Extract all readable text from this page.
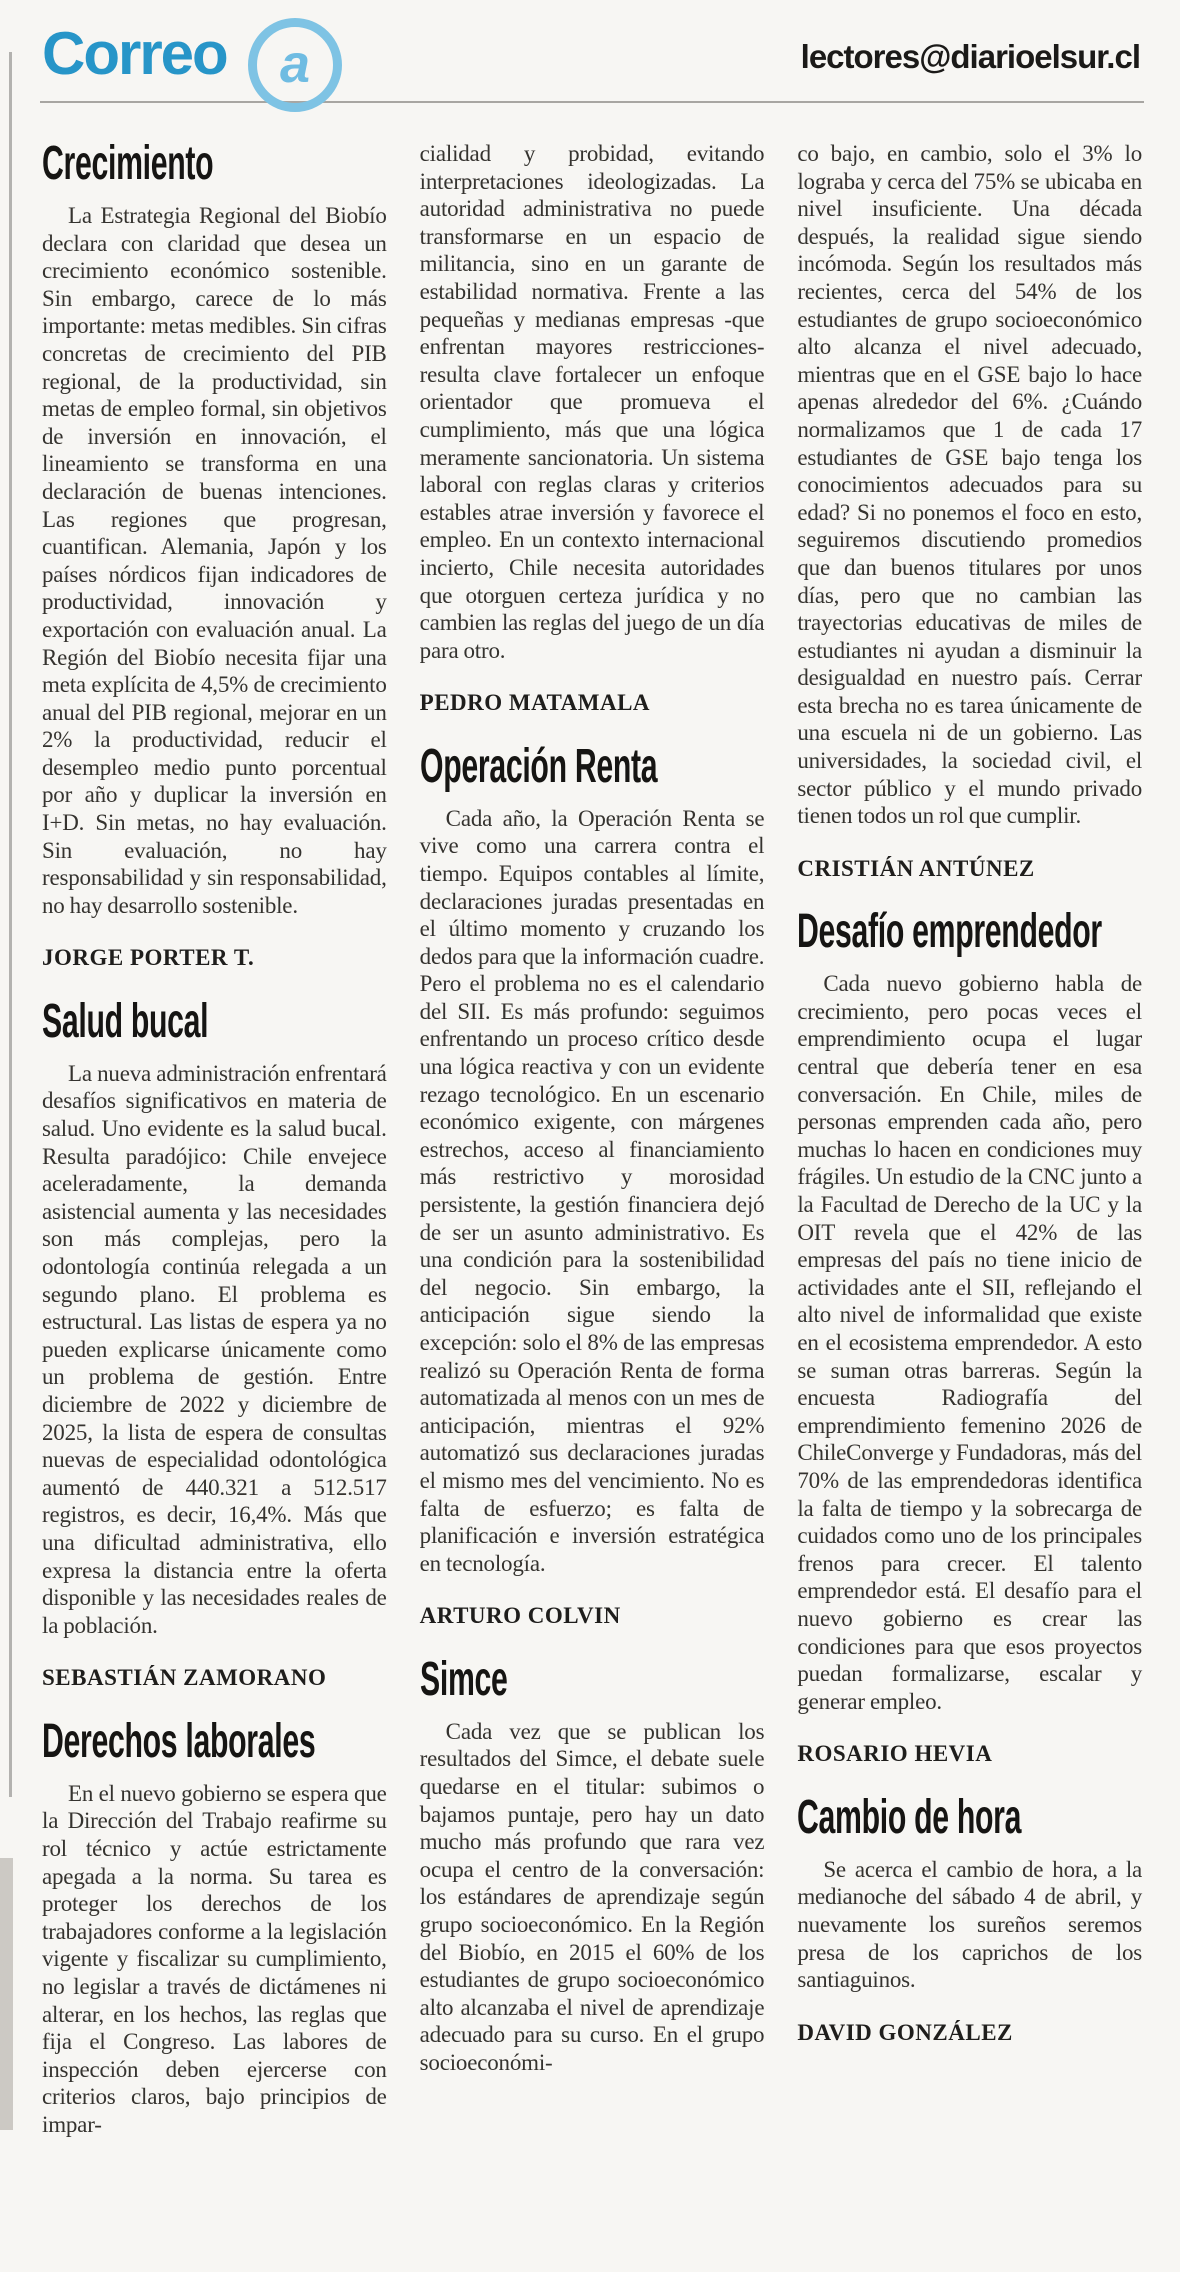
Correo a	lectores@diarioelsur.cl
Crecimiento

La Estrategia Regional del Biobío declara con claridad que desea un crecimiento económico sostenible. Sin embargo, carece de lo más importante: metas medibles. Sin cifras concretas de crecimiento del PIB regional, de la productividad, sin metas de empleo formal, sin objetivos de inversión en innovación, el lineamiento se transforma en una declaración de buenas intenciones. Las regiones que progresan, cuantifican. Alemania, Japón y los países nórdicos fijan indicadores de productividad, innovación y exportación con evaluación anual. La Región del Biobío necesita fijar una meta explícita de 4,5% de crecimiento anual del PIB regional, mejorar en un 2% la productividad, reducir el desempleo medio punto porcentual por año y duplicar la inversión en I+D. Sin metas, no hay evaluación. Sin evaluación, no hay responsabilidad y sin responsabilidad, no hay desarrollo sostenible.

JORGE PORTER T.
Salud bucal

La nueva administración enfrentará desafíos significativos en materia de salud. Uno evidente es la salud bucal. Resulta paradójico: Chile envejece aceleradamente, la demanda asistencial aumenta y las necesidades son más complejas, pero la odontología continúa relegada a un segundo plano. El problema es estructural. Las listas de espera ya no pueden explicarse únicamente como un problema de gestión. Entre diciembre de 2022 y diciembre de 2025, la lista de espera de consultas nuevas de especialidad odontológica aumentó de 440.321 a 512.517 registros, es decir, 16,4%. Más que una dificultad administrativa, ello expresa la distancia entre la oferta disponible y las necesidades reales de la población.

SEBASTIÁN ZAMORANO
Derechos laborales

En el nuevo gobierno se espera que la Dirección del Trabajo reafirme su rol técnico y actúe estrictamente apegada a la norma. Su tarea es proteger los derechos de los trabajadores conforme a la legislación vigente y fiscalizar su cumplimiento, no legislar a través de dictámenes ni alterar, en los hechos, las reglas que fija el Congreso. Las labores de inspección deben ejercerse con criterios claros, bajo principios de impar-

cialidad y probidad, evitando interpretaciones ideologizadas. La autoridad administrativa no puede transformarse en un espacio de militancia, sino en un garante de estabilidad normativa. Frente a las pequeñas y medianas empresas -que enfrentan mayores restricciones- resulta clave fortalecer un enfoque orientador que promueva el cumplimiento, más que una lógica meramente sancionatoria. Un sistema laboral con reglas claras y criterios estables atrae inversión y favorece el empleo. En un contexto internacional incierto, Chile necesita autoridades que otorguen certeza jurídica y no cambien las reglas del juego de un día para otro.

PEDRO MATAMALA
Operación Renta

Cada año, la Operación Renta se vive como una carrera contra el tiempo. Equipos contables al límite, declaraciones juradas presentadas en el último momento y cruzando los dedos para que la información cuadre. Pero el problema no es el calendario del SII. Es más profundo: seguimos enfrentando un proceso crítico desde una lógica reactiva y con un evidente rezago tecnológico. En un escenario económico exigente, con márgenes estrechos, acceso al financiamiento más restrictivo y morosidad persistente, la gestión financiera dejó de ser un asunto administrativo. Es una condición para la sostenibilidad del negocio. Sin embargo, la anticipación sigue siendo la excepción: solo el 8% de las empresas realizó su Operación Renta de forma automatizada al menos con un mes de anticipación, mientras el 92% automatizó sus declaraciones juradas el mismo mes del vencimiento. No es falta de esfuerzo; es falta de planificación e inversión estratégica en tecnología.

ARTURO COLVIN
Simce

Cada vez que se publican los resultados del Simce, el debate suele quedarse en el titular: subimos o bajamos puntaje, pero hay un dato mucho más profundo que rara vez ocupa el centro de la conversación: los estándares de aprendizaje según grupo socioeconómico. En la Región del Biobío, en 2015 el 60% de los estudiantes de grupo socioeconómico alto alcanzaba el nivel de aprendizaje adecuado para su curso. En el grupo socioeconómi-

co bajo, en cambio, solo el 3% lo lograba y cerca del 75% se ubicaba en nivel insuficiente. Una década después, la realidad sigue siendo incómoda. Según los resultados más recientes, cerca del 54% de los estudiantes de grupo socioeconómico alto alcanza el nivel adecuado, mientras que en el GSE bajo lo hace apenas alrededor del 6%. ¿Cuándo normalizamos que 1 de cada 17 estudiantes de GSE bajo tenga los conocimientos adecuados para su edad? Si no ponemos el foco en esto, seguiremos discutiendo promedios que dan buenos titulares por unos días, pero que no cambian las trayectorias educativas de miles de estudiantes ni ayudan a disminuir la desigualdad en nuestro país. Cerrar esta brecha no es tarea únicamente de una escuela ni de un gobierno. Las universidades, la sociedad civil, el sector público y el mundo privado tienen todos un rol que cumplir.

CRISTIÁN ANTÚNEZ
Desafío emprendedor

Cada nuevo gobierno habla de crecimiento, pero pocas veces el emprendimiento ocupa el lugar central que debería tener en esa conversación. En Chile, miles de personas emprenden cada año, pero muchas lo hacen en condiciones muy frágiles. Un estudio de la CNC junto a la Facultad de Derecho de la UC y la OIT revela que el 42% de las empresas del país no tiene inicio de actividades ante el SII, reflejando el alto nivel de informalidad que existe en el ecosistema emprendedor. A esto se suman otras barreras. Según la encuesta Radiografía del emprendimiento femenino 2026 de ChileConverge y Fundadoras, más del 70% de las emprendedoras identifica la falta de tiempo y la sobrecarga de cuidados como uno de los principales frenos para crecer. El talento emprendedor está. El desafío para el nuevo gobierno es crear las condiciones para que esos proyectos puedan formalizarse, escalar y generar empleo.

ROSARIO HEVIA
Cambio de hora

Se acerca el cambio de hora, a la medianoche del sábado 4 de abril, y nuevamente los sureños seremos presa de los caprichos de los santiaguinos.

DAVID GONZÁLEZ
